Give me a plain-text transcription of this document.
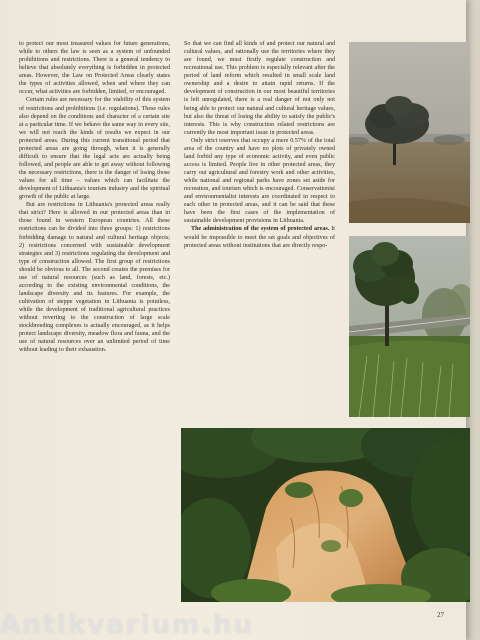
to protect our most treasured values for future generations, while to others the law is seen as a system of unfounded prohibitions and restrictions. There is a general tendency to believe that absolutely everything is forbidden in protected areas. However, the Law on Protected Areas clearly states the types of activities allowed, when and where they can occur, what activities are forbidden, limited, or encouraged.

Certain rules are necessary for the viability of this system of restrictions and prohibitions (i.e. regulations). These rules also depend on the conditions and character of a certain site at a particular time. If we behave the same way in every site, we will not reach the kinds of results we expect in our protected areas. During this current transitional period that protected areas are going through, when it is generally difficult to ensure that the legal acts are actually being followed, and people are able to get away without following the necessary restrictions, there is the danger of losing those values for all time – values which can facilitate the development of Lithuania's tourism industry and the spiritual growth of the public at large.

But are restrictions in Lithuania's protected areas really that strict? Here is allowed in our protected areas than in those found in western European countries. All these restrictions can be divided into three groups: 1) restrictions forbidding damage to natural and cultural heritage objects; 2) restrictions concerned with sustainable development strategies and 3) restrictions regulating the development and type of construction allowed. The first group of restrictions should be obvious to all. The second creates the premises for use of natural resources (such as land, forests, etc.) according to the existing environmental conditions, the landscape diversity and its features. For example, the cultivation of steppe vegetation in Lithuania is pointless, while the development of traditional agricultural practices without reverting to the construction of large scale stockbreeding complexes is actually encouraged, as it helps protect landscape diversity, meadow flora and fauna, and the use of natural resources over an unlimited period of time without leading to their exhaustion.

So that we can find all kinds of and protect our natural and cultural values, and rationally use the territories where they are found, we must firstly regulate construction and recreational use. This problem is especially relevant after the period of land reform which resulted in small scale land ownership and a desire to attain rapid returns. If the development of construction in our most beautiful territories is left unregulated, there is a real danger of not only not being able to protect our natural and cultural heritage values, but also the threat of losing the ability to satisfy the public's interests. This is why construction related restrictions are currently the most important issue in protected areas.

Only strict reserves that occupy a mere 0.57% of the total area of the country and have no plots of privately owned land forbid any type of economic activity, and even public access is limited. People live in other protected areas, they carry out agricultural and forestry work and other activities, while national and regional parks have zones set aside for recreation, and tourism which is encouraged. Conservationist and environmentalist interests are coordinated in respect to each other in protected areas, and it can be said that these have been the first cases of the implementation of sustainable development provisions in Lithuania.

The administration of the system of protected areas. It would be impossible to meet the set goals and objectives of protected areas without institutions that are directly respo-

27
Antikvarium.hu
